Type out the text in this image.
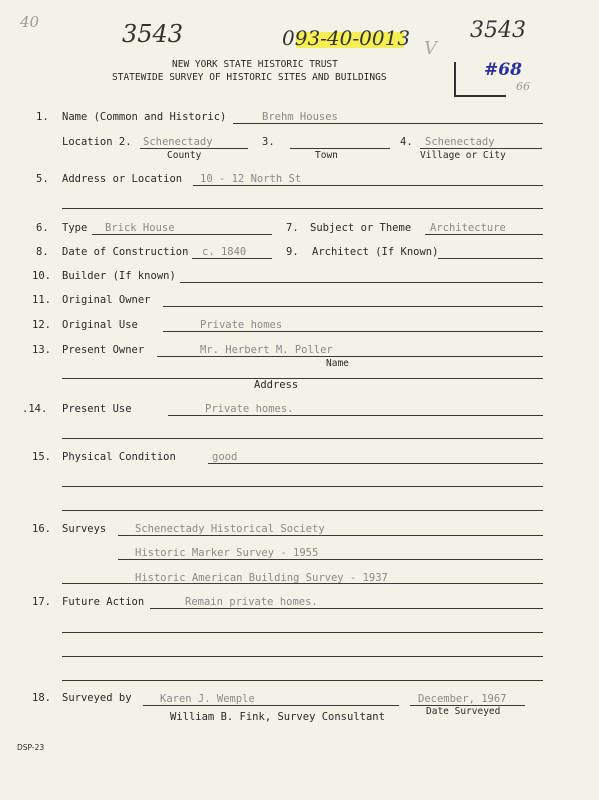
40	3543	093-40-0013 V
3543
#68
66
NEW YORK STATE HISTORIC TRUST
STATEWIDE SURVEY OF HISTORIC SITES AND BUILDINGS
1. Name (Common and Historic)	Brehm Houses
Location 2. Schenectady
County
3.
Town
4. Schenectady
Village or City
5. Address or Location 10 - 12 North St
6. Type Brick House	7. Subject or Theme Architecture
8. Date of Construction c. 1840	9. Architect (If Known)
10. Builder (If known)
11. Original Owner
12. Original Use	Private homes
13. Present Owner	Mr. Herbert M. Poller
Name
Address
.14. Present Use	Private homes.
15. Physical Condition	good
16. Surveys	Schenectady Historical Society
Historic Marker Survey - 1955
Historic American Building Survey - 1937
17. Future Action	Remain private homes.
18. Surveyed by	Karen J. Wemple	December, 1967
William B. Fink, Survey Consultant	Date Surveyed
DSP-23
